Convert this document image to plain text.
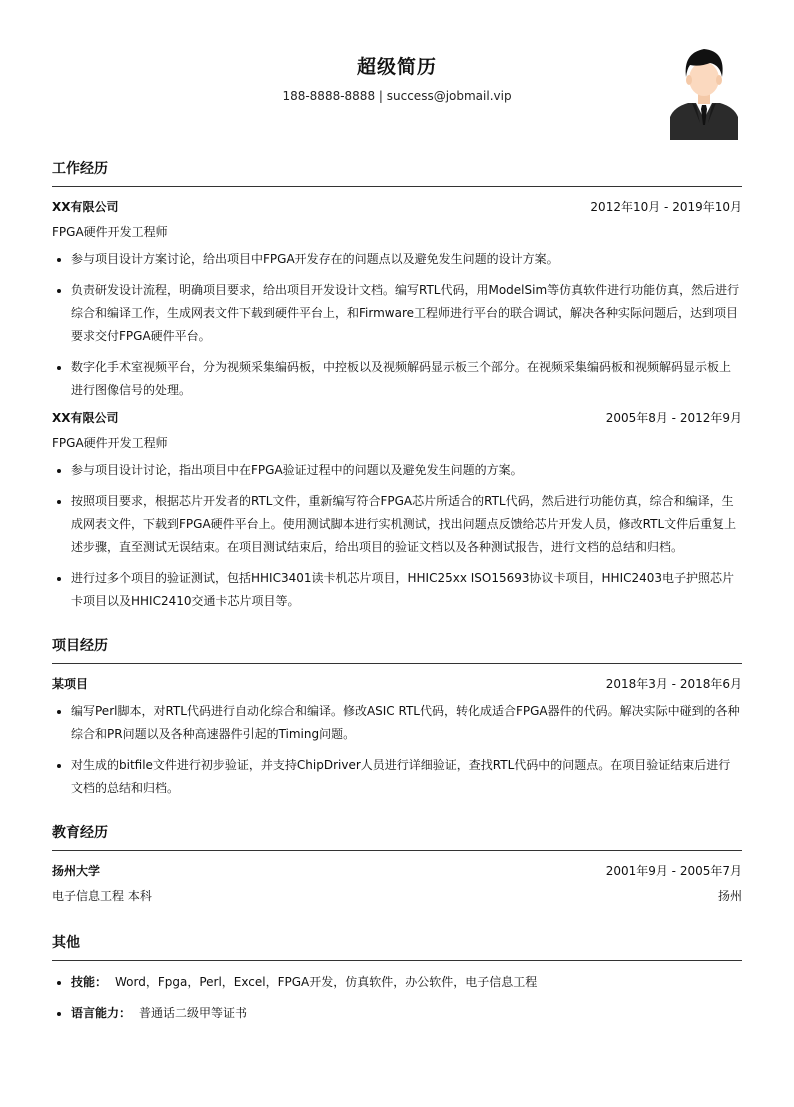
超级简历
188-8888-8888 | success@jobmail.vip
工作经历
XX有限公司	2012年10月 - 2019年10月
FPGA硬件开发工程师
• 参与项目设计方案讨论，给出项目中FPGA开发存在的问题点以及避免发生问题的设计方案。
• 负责研发设计流程，明确项目要求，给出项目开发设计文档。编写RTL代码，用ModelSim等仿真软件进行功能仿真，然后进行综合和编译工作，生成网表文件下载到硬件平台上，和Firmware工程师进行平台的联合调试，解决各种实际问题后，达到项目要求交付FPGA硬件平台。
• 数字化手术室视频平台，分为视频采集编码板，中控板以及视频解码显示板三个部分。在视频采集编码板和视频解码显示板上进行图像信号的处理。
XX有限公司	2005年8月 - 2012年9月
FPGA硬件开发工程师
• 参与项目设计讨论，指出项目中在FPGA验证过程中的问题以及避免发生问题的方案。
• 按照项目要求，根据芯片开发者的RTL文件，重新编写符合FPGA芯片所适合的RTL代码，然后进行功能仿真，综合和编译，生成网表文件，下载到FPGA硬件平台上。使用测试脚本进行实机测试，找出问题点反馈给芯片开发人员，修改RTL文件后重复上述步骤，直至测试无误结束。在项目测试结束后，给出项目的验证文档以及各种测试报告，进行文档的总结和归档。
• 进行过多个项目的验证测试，包括HHIC3401读卡机芯片项目，HHIC25xx ISO15693协议卡项目，HHIC2403电子护照芯片卡项目以及HHIC2410交通卡芯片项目等。
项目经历
某项目	2018年3月 - 2018年6月
• 编写Perl脚本，对RTL代码进行自动化综合和编译。修改ASIC RTL代码，转化成适合FPGA器件的代码。解决实际中碰到的各种综合和PR问题以及各种高速器件引起的Timing问题。
• 对生成的bitfile文件进行初步验证，并支持ChipDriver人员进行详细验证，查找RTL代码中的问题点。在项目验证结束后进行文档的总结和归档。
教育经历
扬州大学	2001年9月 - 2005年7月
电子信息工程 本科	扬州
其他
• 技能： Word，Fpga，Perl，Excel，FPGA开发，仿真软件，办公软件，电子信息工程
• 语言能力： 普通话二级甲等证书
